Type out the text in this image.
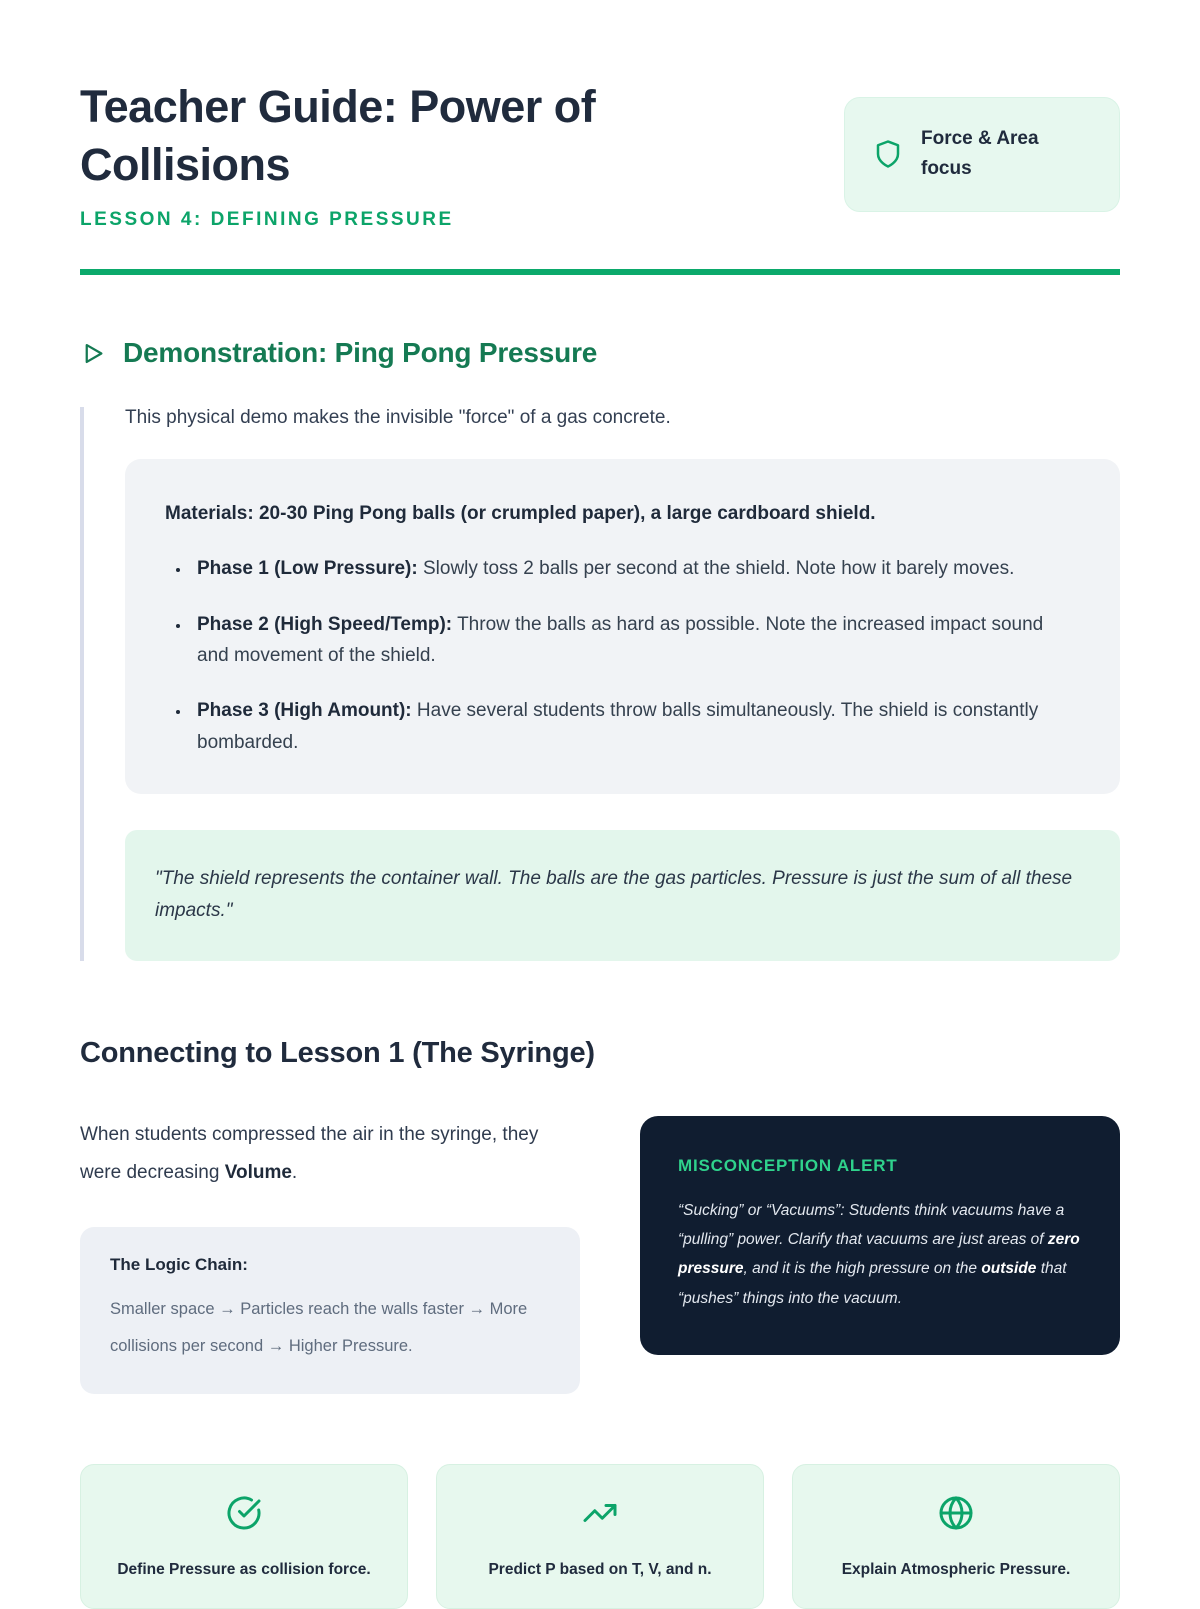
Teacher Guide: Power of Collisions
LESSON 4: DEFINING PRESSURE
Force & Area focus
Demonstration: Ping Pong Pressure

This physical demo makes the invisible "force" of a gas concrete.

Materials: 20-30 Ping Pong balls (or crumpled paper), a large cardboard shield.
• Phase 1 (Low Pressure): Slowly toss 2 balls per second at the shield. Note how it barely moves.
• Phase 2 (High Speed/Temp): Throw the balls as hard as possible. Note the increased impact sound and movement of the shield.
• Phase 3 (High Amount): Have several students throw balls simultaneously. The shield is constantly bombarded.
"The shield represents the container wall. The balls are the gas particles. Pressure is just the sum of all these impacts."
Connecting to Lesson 1 (The Syringe)

When students compressed the air in the syringe, they were decreasing Volume.

The Logic Chain:
Smaller space → Particles reach the walls faster → More collisions per second → Higher Pressure.
MISCONCEPTION ALERT

“Sucking” or “Vacuums”: Students think vacuums have a “pulling” power. Clarify that vacuums are just areas of zero pressure, and it is the high pressure on the outside that “pushes” things into the vacuum.

Define Pressure as collision force.	Predict P based on T, V, and n.	Explain Atmospheric Pressure.
